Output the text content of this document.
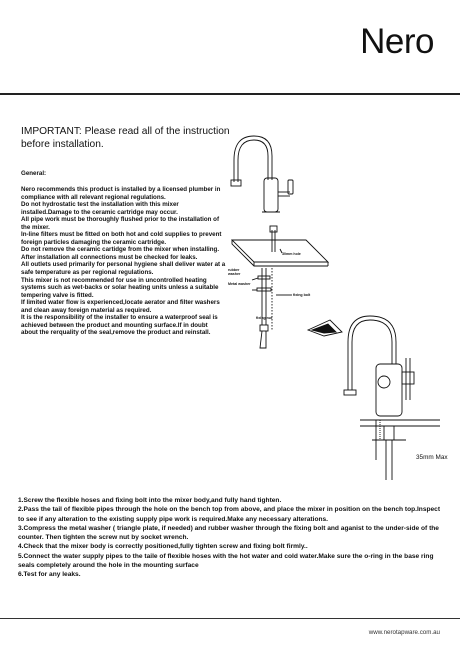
Nero
IMPORTANT: Please read all of the instruction before installation.
General:

Nero recommends this product is installed by a licensed plumber in compliance with all relevant regional regulations.

Do not hydrostatic test the installation with this mixer installed.Damage to the ceramic cartridge may occur.

All pipe work must be thoroughly flushed prior to the installation of the mixer.

In-line filters must be fitted on both hot and cold supplies to prevent foreign particles damaging the ceramic cartridge.

Do not remove the ceramic cartidge from the mixer when installing.

After installation all connections must be checked for leaks.

All outlets used primarily for personal hygiene shall deliver water at a safe temperature as per regional regulations.

This mixer is not recommended for use in uncontrolled heating systems such as wet-backs or solar heating units unless a suitable tempering valve is fitted.

If limited water flow is experienced,locate aerator and filter washers and clean away foreign material as required.

It is the responsibility of the installer to ensure a waterproof seal is achieved between the product and mounting surface.If in doubt about the rerquality of the seal,remove the product and reinstall.

30mm hole
rubber washer
Metal washer
fixing bolt
fixing nut
35mm Max

1.Screw the flexible hoses and fixing bolt into the mixer body,and fully hand tighten.

2.Pass the tail of flexible pipes through the hole on the bench top from above, and place the mixer in position on the bench top.Inspect to see if any alteration to the existing supply pipe work is required.Make any necessary alterations.

3.Compress the metal washer ( triangle plate, if needed) and rubber washer through the fixing bolt and aganist to the under-side of the counter. Then tighten the screw nut by socket wrench.

4.Check that the mixer body is correctly positioned,fully tighten screw and fixing bolt firmly..

5.Connect the water supply pipes to the taile of flexible hoses with the hot water and cold water.Make sure the o-ring in the base ring seals completely around the hole in the mounting surface

6.Test for any leaks.

www.nerotapware.com.au
